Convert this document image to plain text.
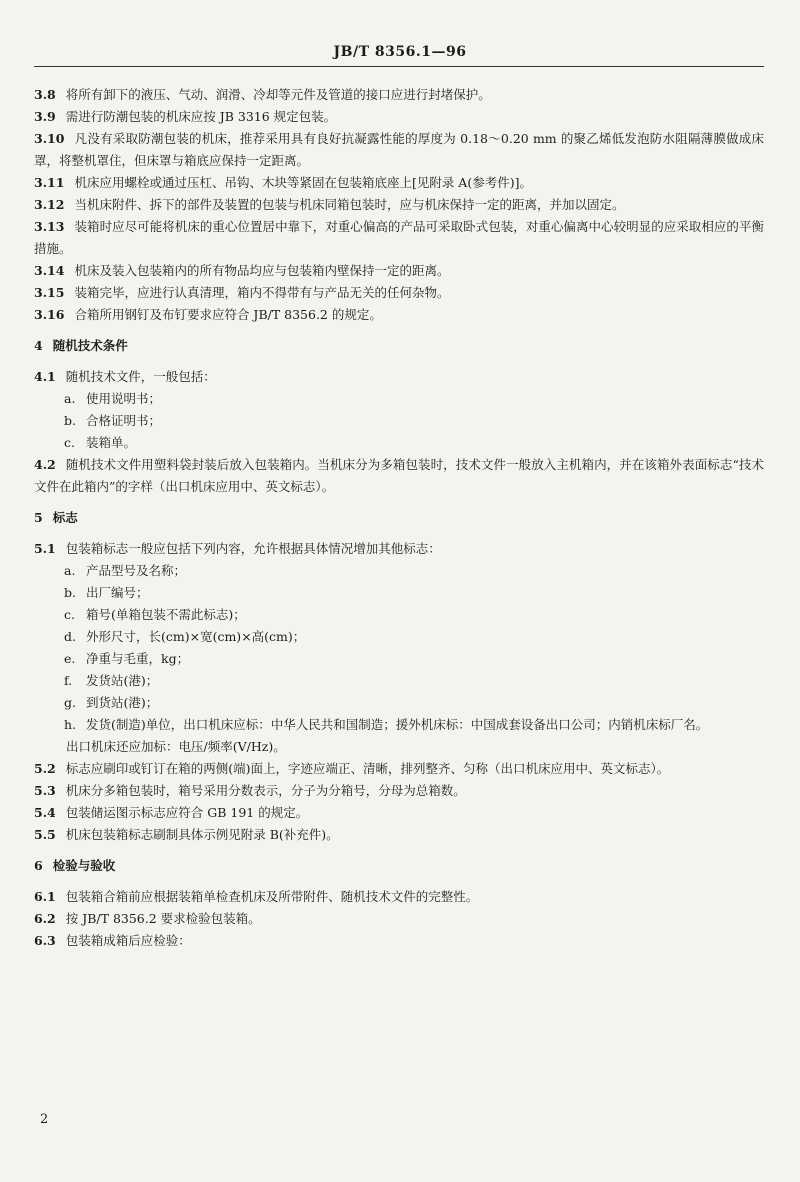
JB/T 8356.1—96

3.8 将所有卸下的液压、气动、润滑、冷却等元件及管道的接口应进行封堵保护。

3.9 需进行防潮包装的机床应按 JB 3316 规定包装。

3.10 凡没有采取防潮包装的机床，推荐采用具有良好抗凝露性能的厚度为 0.18～0.20 mm 的聚乙烯低发泡防水阻隔薄膜做成床罩，将整机罩住，但床罩与箱底应保持一定距离。

3.11 机床应用螺栓或通过压杠、吊钩、木块等紧固在包装箱底座上[见附录 A(参考件)]。

3.12 当机床附件、拆下的部件及装置的包装与机床同箱包装时，应与机床保持一定的距离，并加以固定。

3.13 装箱时应尽可能将机床的重心位置居中靠下，对重心偏高的产品可采取卧式包装，对重心偏离中心较明显的应采取相应的平衡措施。

3.14 机床及装入包装箱内的所有物品均应与包装箱内壁保持一定的距离。

3.15 装箱完毕，应进行认真清理，箱内不得带有与产品无关的任何杂物。

3.16 合箱所用钢钉及布钉要求应符合 JB/T 8356.2 的规定。

4 随机技术条件

4.1 随机技术文件，一般包括：

a. 使用说明书；

b. 合格证明书；

c. 装箱单。

4.2 随机技术文件用塑料袋封装后放入包装箱内。当机床分为多箱包装时，技术文件一般放入主机箱内，并在该箱外表面标志“技术文件在此箱内”的字样（出口机床应用中、英文标志）。

5 标志

5.1 包装箱标志一般应包括下列内容，允许根据具体情况增加其他标志：

a. 产品型号及名称；

b. 出厂编号；

c. 箱号(单箱包装不需此标志)；

d. 外形尺寸，长(cm)×宽(cm)×高(cm)；

e. 净重与毛重，kg；

f. 发货站(港)；

g. 到货站(港)；

h. 发货(制造)单位，出口机床应标：中华人民共和国制造；援外机床标：中国成套设备出口公司；内销机床标厂名。

出口机床还应加标：电压/频率(V/Hz)。

5.2 标志应刷印或钉订在箱的两侧(端)面上，字迹应端正、清晰，排列整齐、匀称（出口机床应用中、英文标志）。

5.3 机床分多箱包装时，箱号采用分数表示，分子为分箱号，分母为总箱数。

5.4 包装储运图示标志应符合 GB 191 的规定。

5.5 机床包装箱标志刷制具体示例见附录 B(补充件)。

6 检验与验收

6.1 包装箱合箱前应根据装箱单检查机床及所带附件、随机技术文件的完整性。

6.2 按 JB/T 8356.2 要求检验包装箱。

6.3 包装箱成箱后应检验：

2
